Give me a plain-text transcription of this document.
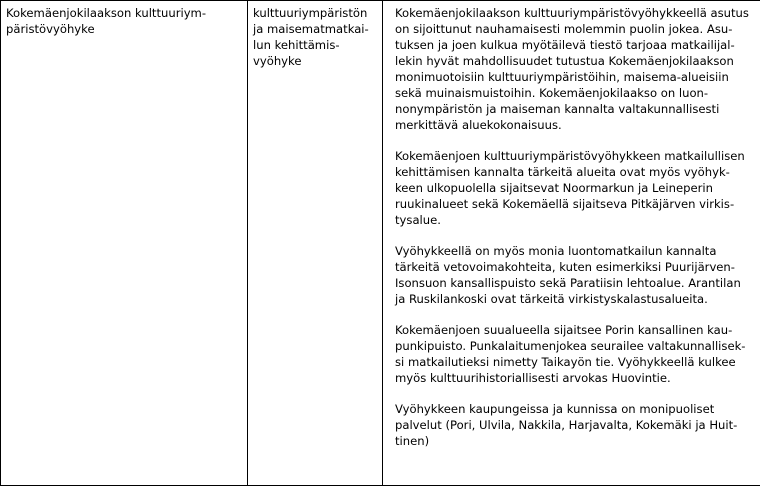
Kokemäenjokilaakson kulttuuriym-
päristövyöhyke

kulttuuriympäristön
ja maisematmatkai-
lun kehittämis-
vyöhyke

Kokemäenjokilaakson kulttuuriympäristövyöhykkeellä asutus
on sijoittunut nauhamaisesti molemmin puolin jokea. Asu-
tuksen ja joen kulkua myötäilevä tiestö tarjoaa matkailijal-
lekin hyvät mahdollisuudet tutustua Kokemäenjokilaakson
monimuotoisiin kulttuuriympäristöihin, maisema-alueisiin
sekä muinaismuistoihin. Kokemäenjokilaakso on luon-
nonympäristön ja maiseman kannalta valtakunnallisesti
merkittävä aluekokonaisuus.
Kokemäenjoen kulttuuriympäristövyöhykkeen matkailullisen
kehittämisen kannalta tärkeitä alueita ovat myös vyöhyk-
keen ulkopuolella sijaitsevat Noormarkun ja Leineperin
ruukinalueet sekä Kokemäellä sijaitseva Pitkäjärven virkis-
tysalue.
Vyöhykkeellä on myös monia luontomatkailun kannalta
tärkeitä vetovoimakohteita, kuten esimerkiksi Puurijärven-
Isonsuon kansallispuisto sekä Paratiisin lehtoalue. Arantilan
ja Ruskilankoski ovat tärkeitä virkistyskalastusalueita.
Kokemäenjoen suualueella sijaitsee Porin kansallinen kau-
punkipuisto. Punkalaitumenjokea seurailee valtakunnallisek-
si matkailutieksi nimetty Taikayön tie. Vyöhykkeellä kulkee
myös kulttuurihistoriallisesti arvokas Huovintie.
Vyöhykkeen kaupungeissa ja kunnissa on monipuoliset
palvelut (Pori, Ulvila, Nakkila, Harjavalta, Kokemäki ja Huit-
tinen)
